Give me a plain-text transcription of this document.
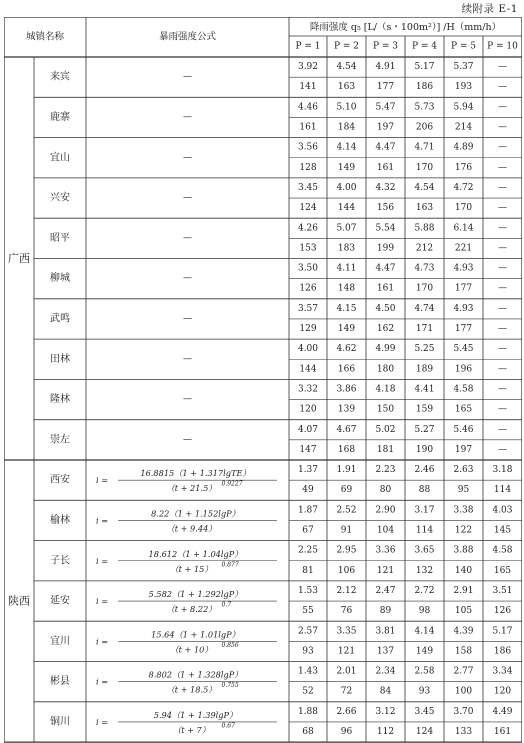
续附录 E-1
城镇名称	暴雨强度公式
降雨强度 q₅ [L/（s・100m²）] /H（mm/h）
P = 1 P = 2 P = 3 P = 4 P = 5 P = 10
来宾	—
3.92 4.54 4.91 5.17 5.37	—
141 163 177 186 193	—
鹿寨	—
4.46 5.10 5.47 5.73 5.94	—
161 184 197 206 214	—
宜山	—
3.56 4.14 4.47 4.71 4.89	—
128 149 161 170 176	—
兴安	—
3.45 4.00 4.32 4.54 4.72	—
124 144 156 163 170	—
昭平	—
4.26 5.07 5.54 5.88 6.14	—
153 183 199 212 221	—
柳城	—
3.50 4.11 4.47 4.73 4.93	—
126 148 161 170 177	—
武鸣	—
3.57 4.15 4.50 4.74 4.93	—
129 149 162 171 177	—
田林	—
4.00 4.62 4.99 5.25 5.45	—
144 166 180 189 196	—
隆林	—
3.32 3.86 4.18 4.41 4.58	—
120 139 150 159 165	—
崇左	—
4.07 4.67 5.02 5.27 5.46	—
147 168 181 190 197	—
广西
西安	i =
16.8815（1 + 1.317lgTE）
（t + 21.5） 0.9227
1.37 1.91 2.23 2.46 2.63 3.18
49	69	80	88	95	114
榆林	i =
8.22（1 + 1.152lgP）
（t + 9.44）
1.87 2.52 2.90 3.17 3.38 4.03
67	91	104 114 122 145
子长	i =
18.612（1 + 1.04lgP）
（t + 15） 0.877
2.25 2.95 3.36 3.65 3.88 4.58
81	106 121 132 140 165
延安	i =
5.582（1 + 1.292lgP）
（t + 8.22） 0.7
1.53 2.12 2.47 2.72 2.91 3.51
55	76	89	98	105 126
宜川	i =
15.64（1 + 1.01lgP）
（t + 10） 0.856
2.57 3.35 3.81 4.14 4.39 5.17
93	121 137 149 158 186
彬县	i =
8.802（1 + 1.328lgP）
（t + 18.5） 0.755
1.43 2.01 2.34 2.58 2.77 3.34
52	72	84	93	100 120
铜川	i =
5.94（1 + 1.39lgP）
（t + 7） 0.67
1.88 2.66 3.12 3.45 3.70 4.49
68	96	112 124 133 161
陕西
